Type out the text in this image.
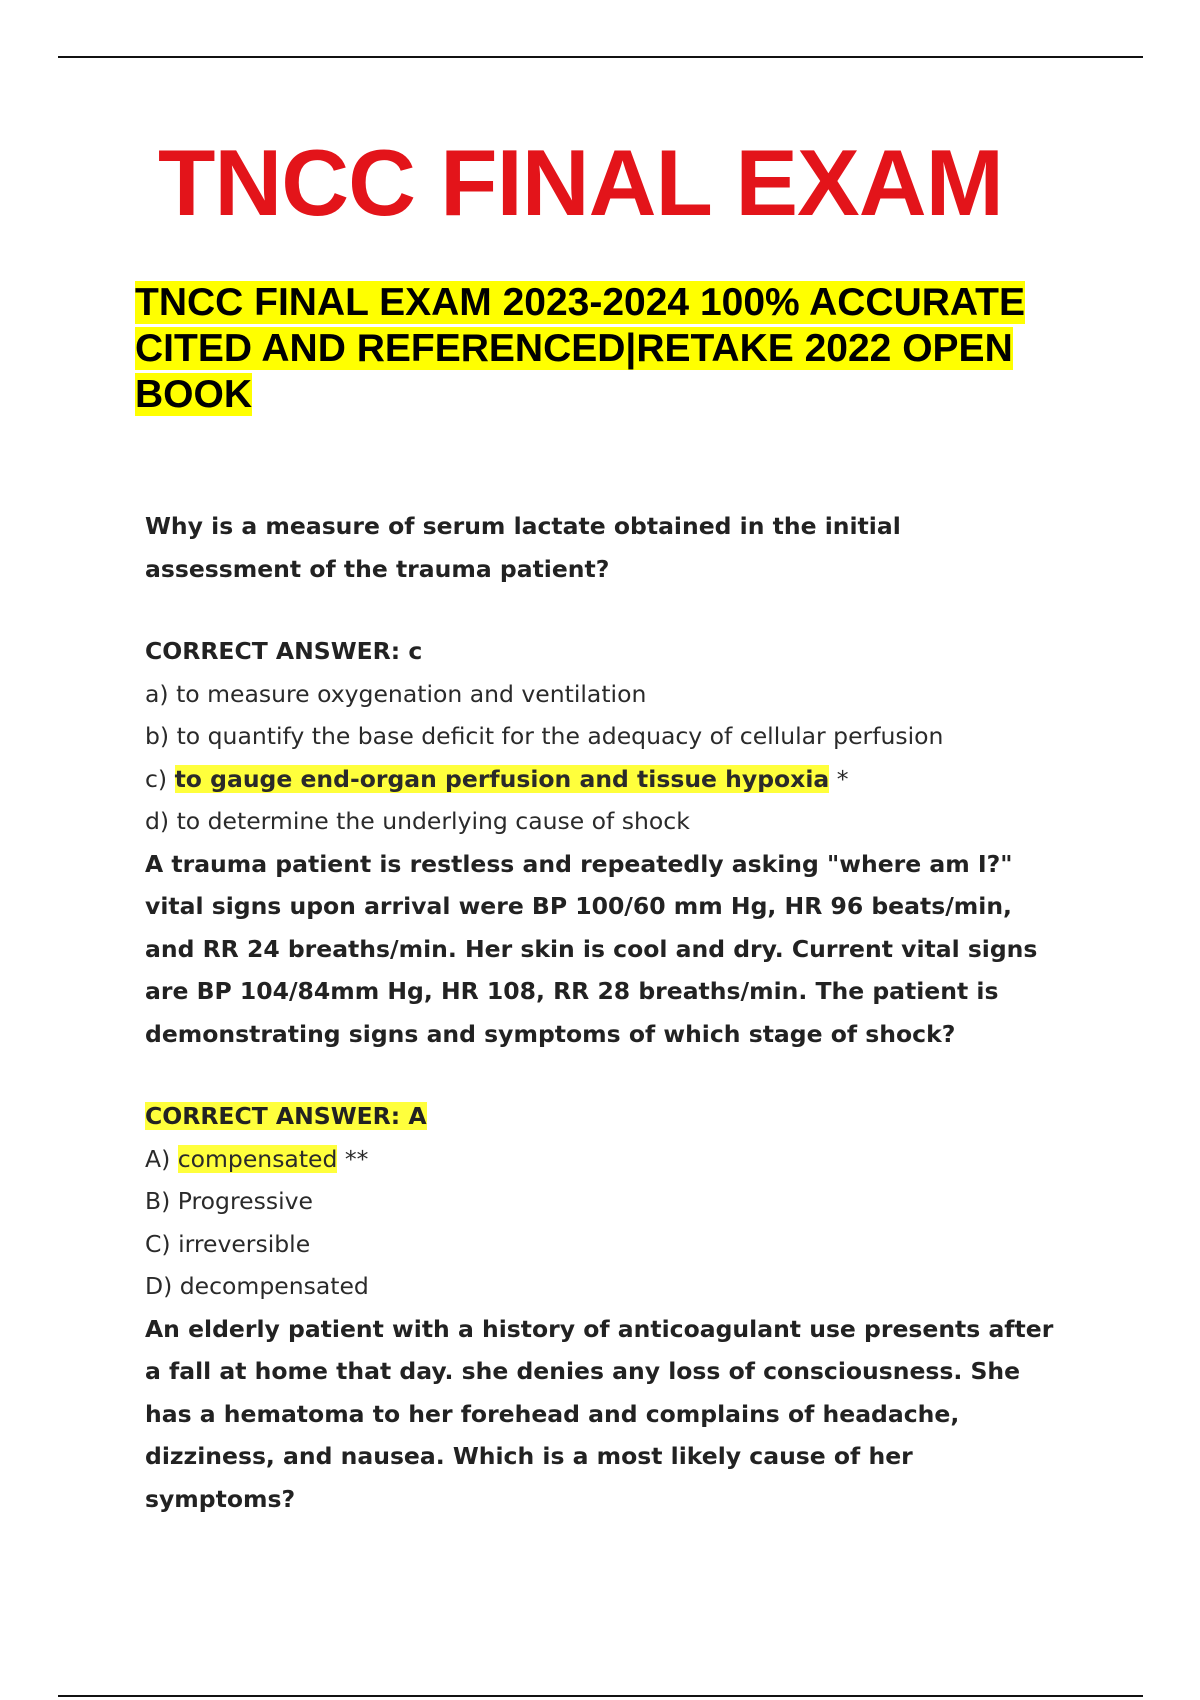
TNCC FINAL EXAM
TNCC FINAL EXAM 2023-2024 100% ACCURATE
CITED AND REFERENCED|RETAKE 2022 OPEN
BOOK

Why is a measure of serum lactate obtained in the initial

assessment of the trauma patient?

CORRECT ANSWER: c

a) to measure oxygenation and ventilation

b) to quantify the base deficit for the adequacy of cellular perfusion

c) to gauge end-organ perfusion and tissue hypoxia *

d) to determine the underlying cause of shock

A trauma patient is restless and repeatedly asking "where am I?"

vital signs upon arrival were BP 100/60 mm Hg, HR 96 beats/min,

and RR 24 breaths/min. Her skin is cool and dry. Current vital signs

are BP 104/84mm Hg, HR 108, RR 28 breaths/min. The patient is

demonstrating signs and symptoms of which stage of shock?

CORRECT ANSWER: A

A) compensated **

B) Progressive

C) irreversible

D) decompensated

An elderly patient with a history of anticoagulant use presents after

a fall at home that day. she denies any loss of consciousness. She

has a hematoma to her forehead and complains of headache,

dizziness, and nausea. Which is a most likely cause of her

symptoms?
